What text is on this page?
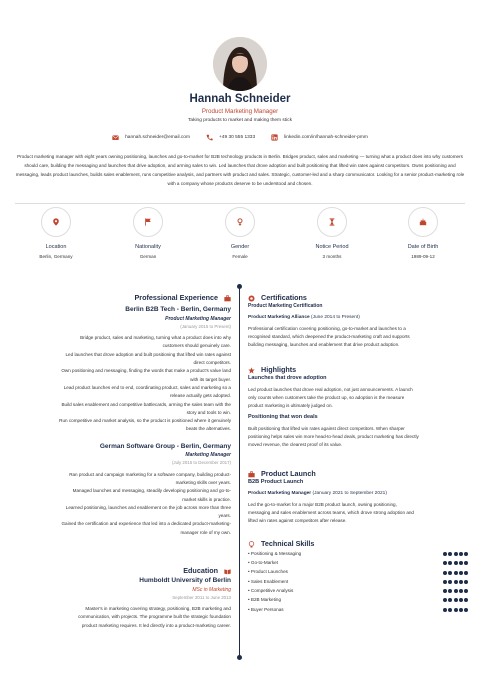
Hannah Schneider
Product Marketing Manager
Taking products to market and making them stick
hannah.schneider@email.com	+49 30 555 1333	linkedin.com/in/hannah-schneider-pmm
Product marketing manager with eight years owning positioning, launches and go-to-market for B2B technology products in Berlin. Bridges product, sales and marketing — turning what a product does into why customers should care, building the messaging and launches that drive adoption, and arming sales to win. Led launches that drove adoption and built positioning that lifted win rates against competitors. Owns positioning and messaging, leads product launches, builds sales enablement, runs competitive analysis, and partners with product and sales. Strategic, customer-led and a sharp communicator. Looking for a senior product-marketing role with a company whose products deserve to be understood and chosen.
Location
Berlin, Germany
Nationality
German
Gender
Female
Notice Period
3 months
Date of Birth
1989-09-12
Professional Experience
Berlin B2B Tech - Berlin, Germany
Product Marketing Manager
(January 2015 to Present)
Bridge product, sales and marketing, turning what a product does into why
customers should genuinely care.
Led launches that drove adoption and built positioning that lifted win rates against
direct competitors.
Own positioning and messaging, finding the words that make a product's value land
with its target buyer.
Lead product launches end to end, coordinating product, sales and marketing so a
release actually gets adopted.
Build sales enablement and competitive battlecards, arming the sales team with the
story and tools to win.
Run competitive and market analysis, so the product is positioned where it genuinely
beats the alternatives.
German Software Group - Berlin, Germany
Marketing Manager
(July 2015 to December 2017)
Ran product and campaign marketing for a software company, building product-
marketing skills over years.
Managed launches and messaging, steadily developing positioning and go-to-
market skills in practice.
Learned positioning, launches and enablement on the job across more than three
years.
Gained the certification and experience that led into a dedicated product-marketing-
manager role of my own.
Education
Humboldt University of Berlin
MSc in Marketing
September 2011 to June 2013
Master's in marketing covering strategy, positioning, B2B marketing and
communication, with projects. The programme built the strategic foundation
product marketing requires. It led directly into a product-marketing career.
Certifications
Product Marketing Certification
Product Marketing Alliance (June 2014 to Present)
Professional certification covering positioning, go-to-market and launches to a
recognised standard, which deepened the product-marketing craft and supports
building messaging, launches and enablement that drive product adoption.
Highlights
Launches that drove adoption
Led product launches that drove real adoption, not just announcements. A launch
only counts when customers take the product up, so adoption is the measure
product marketing is ultimately judged on.
Positioning that won deals
Built positioning that lifted win rates against direct competitors. When sharper
positioning helps sales win more head-to-head deals, product marketing has directly
moved revenue, the clearest proof of its value.
Product Launch
B2B Product Launch
Product Marketing Manager (January 2021 to September 2021)
Led the go-to-market for a major B2B product launch, owning positioning,
messaging and sales enablement across teams, which drove strong adoption and
lifted win rates against competitors after release.
Technical Skills
• Positioning & Messaging
• Go-to-Market
• Product Launches
• Sales Enablement
• Competitive Analysis
• B2B Marketing
• Buyer Personas
